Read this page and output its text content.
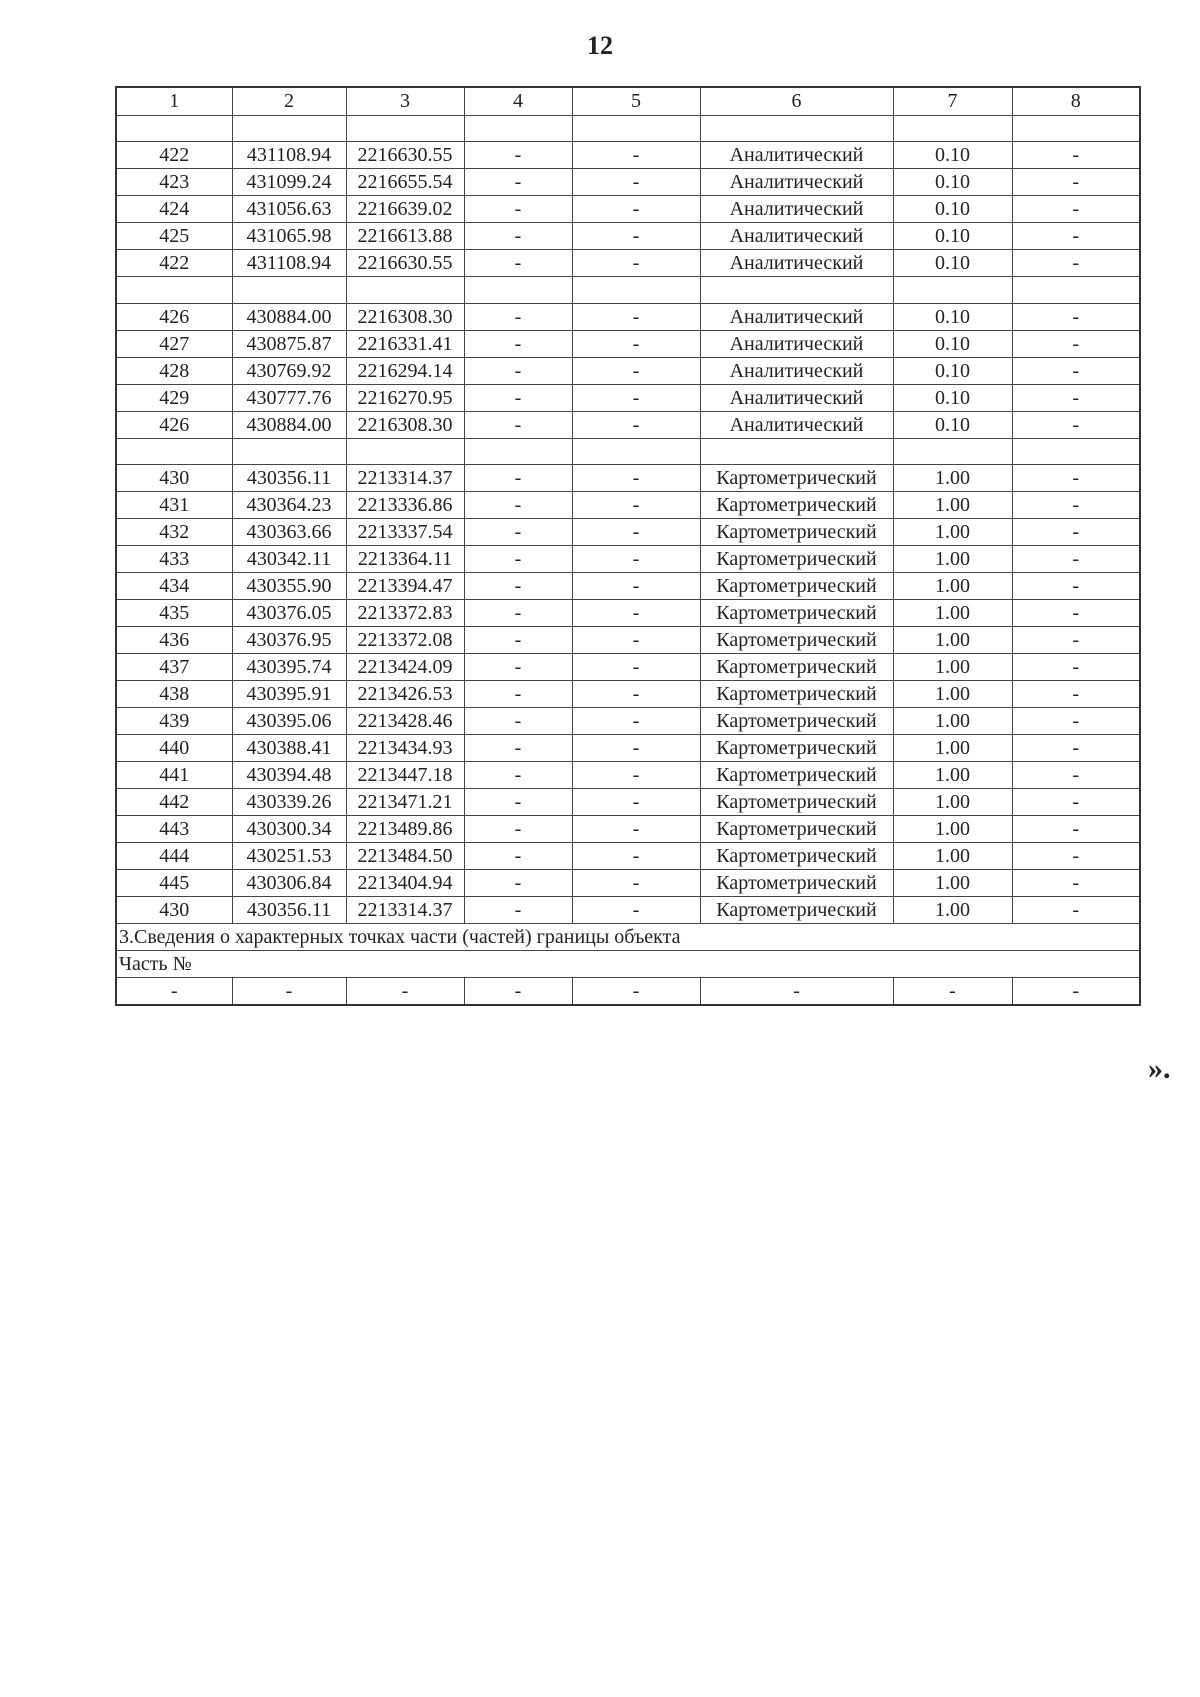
12
1	2	3	4	5	6	7	8

422	431108.94	2216630.55	-	-	Аналитический	0.10	-
423	431099.24	2216655.54	-	-	Аналитический	0.10	-
424	431056.63	2216639.02	-	-	Аналитический	0.10	-
425	431065.98	2216613.88	-	-	Аналитический	0.10	-
422	431108.94	2216630.55	-	-	Аналитический	0.10	-

426	430884.00	2216308.30	-	-	Аналитический	0.10	-
427	430875.87	2216331.41	-	-	Аналитический	0.10	-
428	430769.92	2216294.14	-	-	Аналитический	0.10	-
429	430777.76	2216270.95	-	-	Аналитический	0.10	-
426	430884.00	2216308.30	-	-	Аналитический	0.10	-

430	430356.11	2213314.37	-	-	Картометрический	1.00	-
431	430364.23	2213336.86	-	-	Картометрический	1.00	-
432	430363.66	2213337.54	-	-	Картометрический	1.00	-
433	430342.11	2213364.11	-	-	Картометрический	1.00	-
434	430355.90	2213394.47	-	-	Картометрический	1.00	-
435	430376.05	2213372.83	-	-	Картометрический	1.00	-
436	430376.95	2213372.08	-	-	Картометрический	1.00	-
437	430395.74	2213424.09	-	-	Картометрический	1.00	-
438	430395.91	2213426.53	-	-	Картометрический	1.00	-
439	430395.06	2213428.46	-	-	Картометрический	1.00	-
440	430388.41	2213434.93	-	-	Картометрический	1.00	-
441	430394.48	2213447.18	-	-	Картометрический	1.00	-
442	430339.26	2213471.21	-	-	Картометрический	1.00	-
443	430300.34	2213489.86	-	-	Картометрический	1.00	-
444	430251.53	2213484.50	-	-	Картометрический	1.00	-
445	430306.84	2213404.94	-	-	Картометрический	1.00	-
430	430356.11	2213314.37	-	-	Картометрический	1.00	-
3.Сведения о характерных точках части (частей) границы объекта							
Часть №							
-	-	-	-	-	-	-	-
».
